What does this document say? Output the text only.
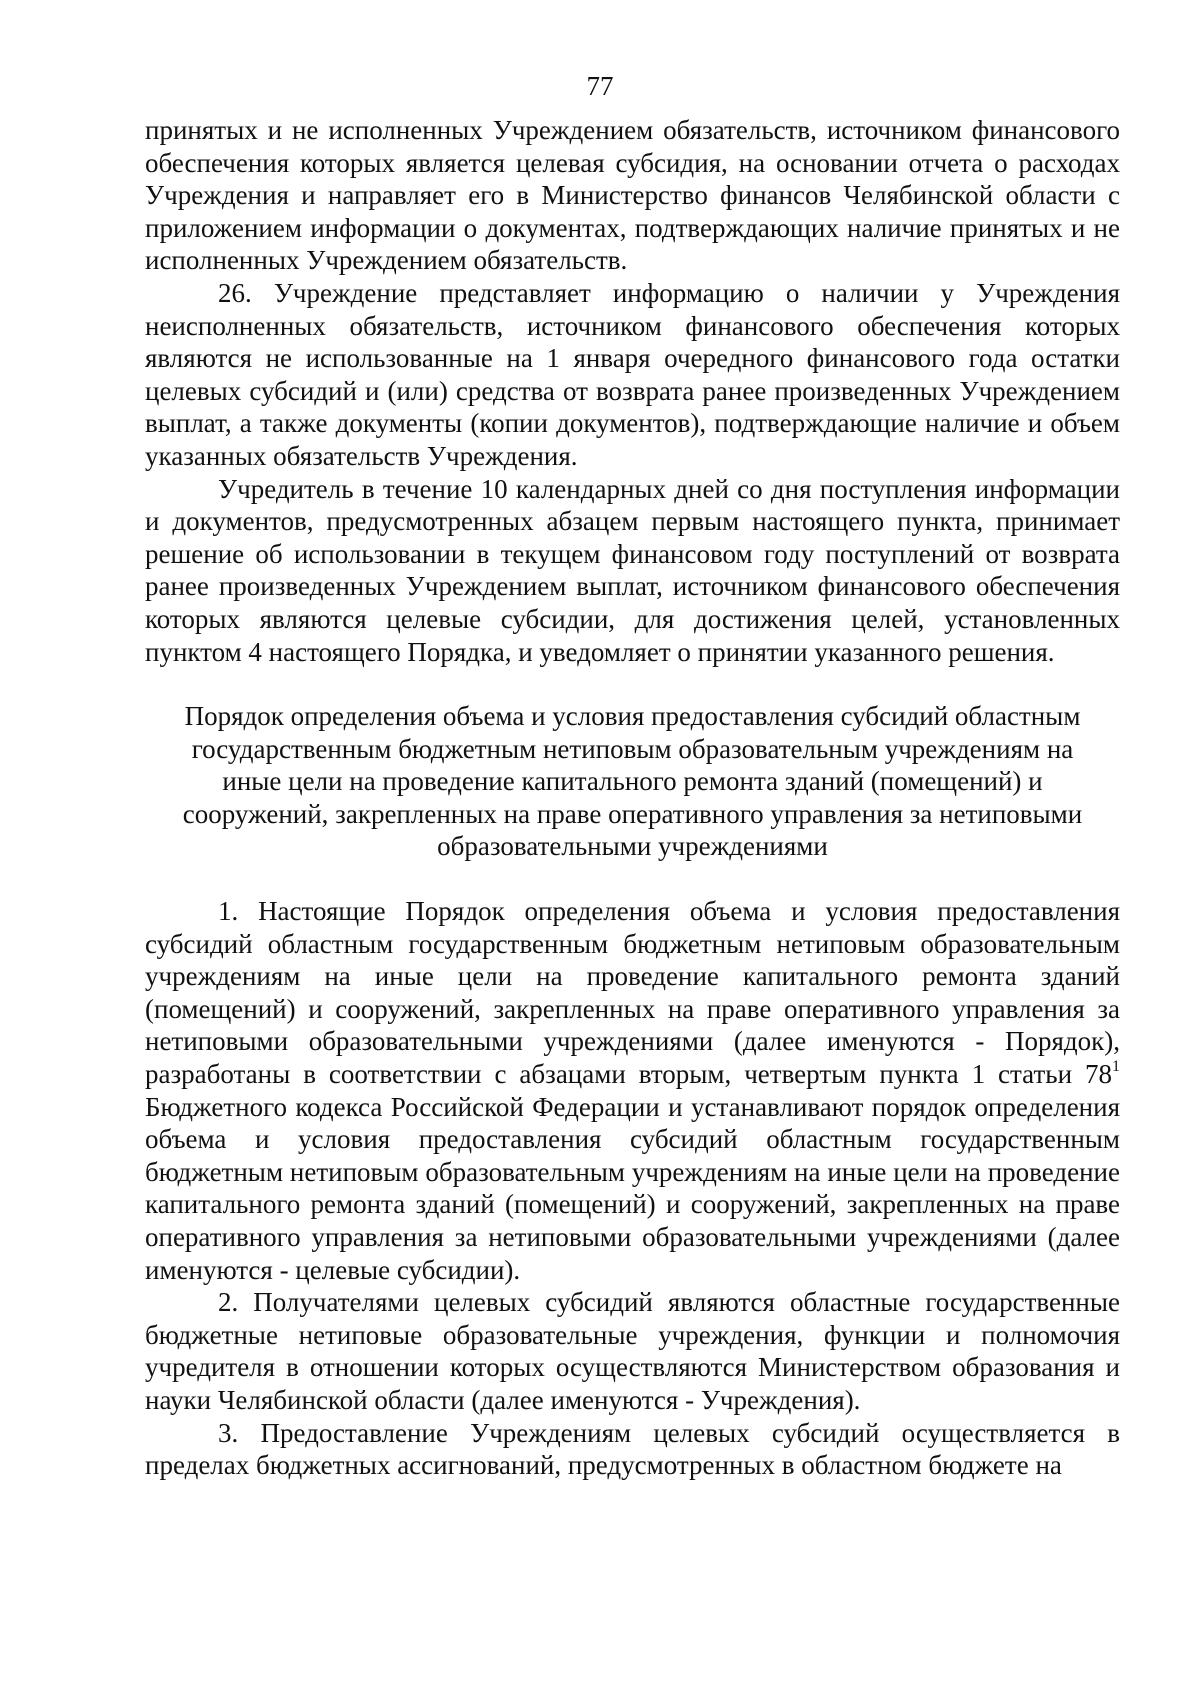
77

принятых и не исполненных Учреждением обязательств, источником финансового обеспечения которых является целевая субсидия, на основании отчета о расходах Учреждения и направляет его в Министерство финансов Челябинской области с приложением информации о документах, подтверждающих наличие принятых и не исполненных Учреждением обязательств.

26. Учреждение представляет информацию о наличии у Учреждения неисполненных обязательств, источником финансового обеспечения которых являются не использованные на 1 января очередного финансового года остатки целевых субсидий и (или) средства от возврата ранее произведенных Учреждением выплат, а также документы (копии документов), подтверждающие наличие и объем указанных обязательств Учреждения.

Учредитель в течение 10 календарных дней со дня поступления информации и документов, предусмотренных абзацем первым настоящего пункта, принимает решение об использовании в текущем финансовом году поступлений от возврата ранее произведенных Учреждением выплат, источником финансового обеспечения которых являются целевые субсидии, для достижения целей, установленных пунктом 4 настоящего Порядка, и уведомляет о принятии указанного решения.

Порядок определения объема и условия предоставления субсидий областным
государственным бюджетным нетиповым образовательным учреждениям на
иные цели на проведение капитального ремонта зданий (помещений) и
сооружений, закрепленных на праве оперативного управления за нетиповыми
образовательными учреждениями

1. Настоящие Порядок определения объема и условия предоставления субсидий областным государственным бюджетным нетиповым образовательным учреждениям на иные цели на проведение капитального ремонта зданий (помещений) и сооружений, закрепленных на праве оперативного управления за нетиповыми образовательными учреждениями (далее именуются - Порядок), разработаны в соответствии с абзацами вторым, четвертым пункта 1 статьи $78^1$ Бюджетного кодекса Российской Федерации и устанавливают порядок определения объема и условия предоставления субсидий областным государственным бюджетным нетиповым образовательным учреждениям на иные цели на проведение капитального ремонта зданий (помещений) и сооружений, закрепленных на праве оперативного управления за нетиповыми образовательными учреждениями (далее именуются - целевые субсидии).

2. Получателями целевых субсидий являются областные государственные бюджетные нетиповые образовательные учреждения, функции и полномочия учредителя в отношении которых осуществляются Министерством образования и науки Челябинской области (далее именуются - Учреждения).

3. Предоставление Учреждениям целевых субсидий осуществляется в пределах бюджетных ассигнований, предусмотренных в областном бюджете на
